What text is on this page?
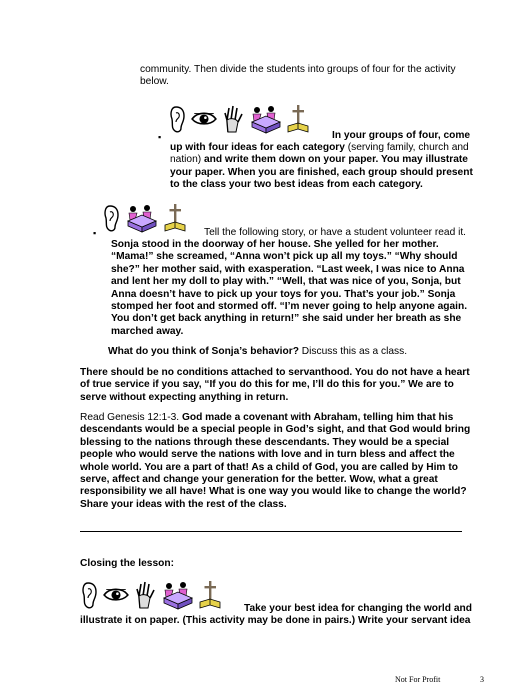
community. Then divide the students into groups of four for the activity
below.
▪
	In your groups of four, come
up with four ideas for each category (serving family, church and nation) and write them down on your paper. You may illustrate your paper. When you are finished, each group should present to the class your two best ideas from each category.
▪
	Tell the following story, or have a student volunteer read it.
Sonja stood in the doorway of her house. She yelled for her mother. “Mama!” she screamed, “Anna won’t pick up all my toys.” “Why should she?” her mother said, with exasperation. “Last week, I was nice to Anna and lent her my doll to play with.” “Well, that was nice of you, Sonja, but Anna doesn’t have to pick up your toys for you. That’s your job.” Sonja stomped her foot and stormed off. “I’m never going to help anyone again. You don’t get back anything in return!” she said under her breath as she marched away.
What do you think of Sonja’s behavior? Discuss this as a class.
There should be no conditions attached to servanthood. You do not have a heart of true service if you say, “If you do this for me, I’ll do this for you.” We are to serve without expecting anything in return.
Read Genesis 12:1-3. God made a covenant with Abraham, telling him that his descendants would be a special people in God’s sight, and that God would bring blessing to the nations through these descendants. They would be a special people who would serve the nations with love and in turn bless and affect the whole world. You are a part of that! As a child of God, you are called by Him to serve, affect and change your generation for the better. Wow, what a great responsibility we all have! What is one way you would like to change the world? Share your ideas with the rest of the class.
Closing the lesson:

Take your best idea for changing the world and
illustrate it on paper. (This activity may be done in pairs.) Write your servant idea
Not For Profit	3
